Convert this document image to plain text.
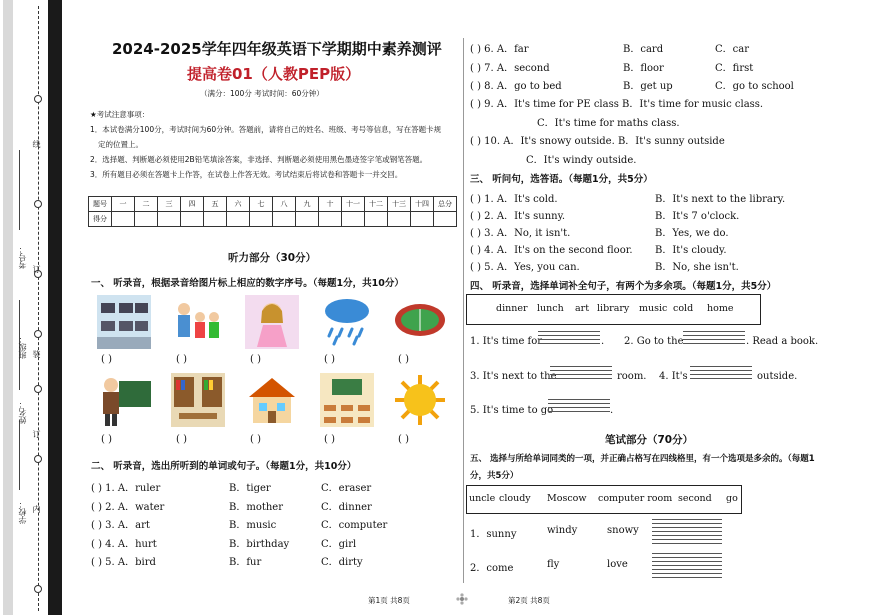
线
订
装
订
内
学校：
姓名：
班级：
考号：
2024-2025学年四年级英语下学期期中素养测评
提高卷01（人教PEP版）
（满分：100分 考试时间：60分钟）
★考试注意事项：
1．本试卷满分100分，考试时间为60分钟。答题前，请将自己的姓名、班级、考号等信息，写在答题卡规
定的位置上。
2．选择题、判断题必须使用2B铅笔填涂答案，非选择、判断题必须使用黑色墨迹签字笔或钢笔答题。
3．所有题目必须在答题卡上作答，在试卷上作答无效。考试结束后将试卷和答题卡一并交回。
题号	一	二	三	四	五	六	七	八	九	十	十一	十二	十三	十四	总分
得分															
听力部分（30分）
一、 听录音，根据录音给图片标上相应的数字序号。（每题1分，共10分）
( )	( )	( )	( )	( )
( )	( )	( )	( )	( )
二、 听录音，选出所听到的单词或句子。（每题1分，共10分）
( ) 1. A．ruler	B．tiger	C．eraser
( ) 2. A．water	B．mother	C．dinner
( ) 3. A．art	B．music	C．computer
( ) 4. A．hurt	B．birthday	C．girl
( ) 5. A．bird	B．fur	C．dirty
( ) 6. A．far	B．card	C．car
( ) 7. A．second	B．floor	C．first
( ) 8. A．go to bed	B．get up	C．go to school
( ) 9. A．It's time for PE class B．It's time for music class.
C．It's time for maths class.
( ) 10. A．It's snowy outside. B．It's sunny outside
C．It's windy outside.
三、 听问句，选答语。（每题1分，共5分）
( ) 1. A．It's cold.	B．It's next to the library.
( ) 2. A．It's sunny.	B．It's 7 o'clock.
( ) 3. A．No, it isn't.	B．Yes, we do.
( ) 4. A．It's on the second floor. B．It's cloudy.
( ) 5. A．Yes, you can.	B．No, she isn't.
四、 听录音，选择单词补全句子，有两个为多余项。（每题1分，共5分）
dinner lunch art library music cold home
1. It's time for	. 2. Go to the	. Read a book.
3. It's next to the	room. 4. It's	outside.
5. It's time to go	.
笔试部分（70分）
五、 选择与所给单词同类的一项，并正确占格写在四线格里，有一个选项是多余的。（每题1
分，共5分）
uncle cloudy Moscow computer room second go
1．sunny	windy	snowy
2．come	fly	love
第1页 共8页	第2页 共8页
